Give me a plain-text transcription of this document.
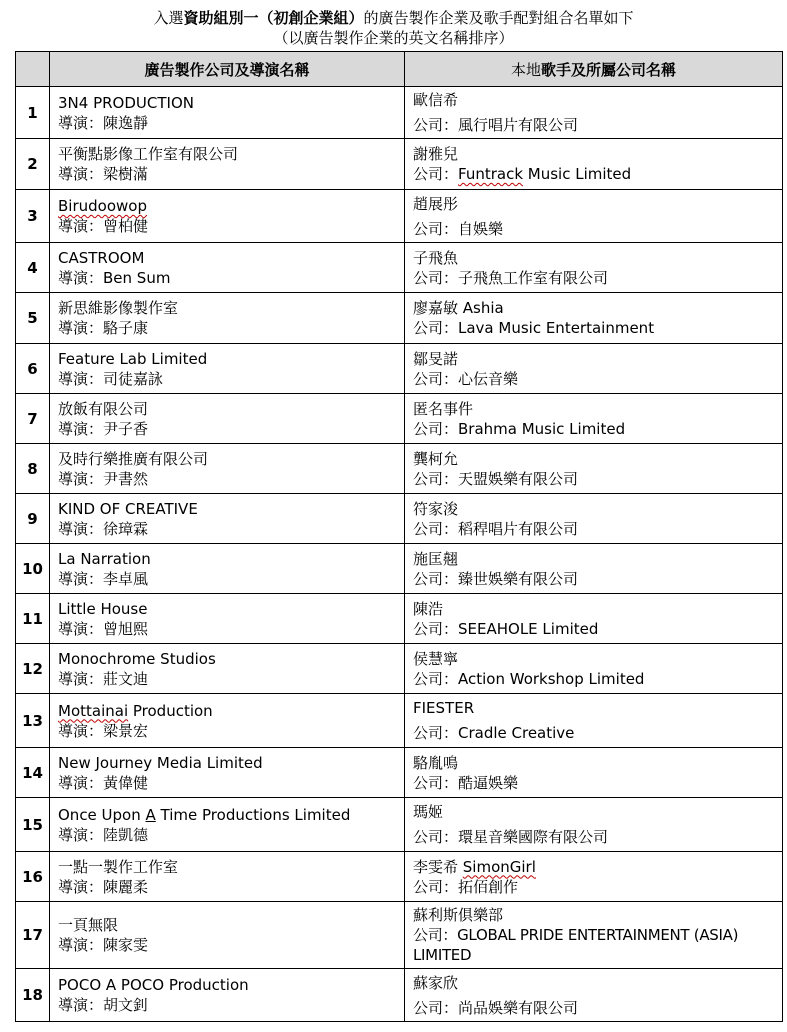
入選資助組別一（初創企業組）的廣告製作企業及歌手配對組合名單如下
（以廣告製作企業的英文名稱排序）
	廣告製作公司及導演名稱	本地歌手及所屬公司名稱
1	3N4 PRODUCTION
導演：陳逸靜	歐信希
公司：風行唱片有限公司

2	平衡點影像工作室有限公司
導演：梁樹滿	謝雅兒
公司：Funtrack Music Limited

3	Birudoowop
導演：曾柏健	趙展彤
公司：自娛樂

4	CASTROOM
導演：Ben Sum	子飛魚
公司：子飛魚工作室有限公司

5	新思維影像製作室
導演：駱子康	廖嘉敏 Ashia
公司：Lava Music Entertainment

6	Feature Lab Limited
導演：司徒嘉詠	鄒旻諾
公司：心伝音樂

7	放飯有限公司
導演：尹子香	匿名事件
公司：Brahma Music Limited

8	及時行樂推廣有限公司
導演：尹書然	龔柯允
公司：天盟娛樂有限公司

9	KIND OF CREATIVE
導演：徐璋霖	符家浚
公司：稻稈唱片有限公司

10	La Narration
導演：李卓風	施匡翹
公司：臻世娛樂有限公司

11	Little House
導演：曾旭熙	陳浩
公司：SEEAHOLE Limited

12	Monochrome Studios
導演：莊文迪	侯慧寧
公司：Action Workshop Limited

13	Mottainai Production
導演：梁景宏	FIESTER
公司：Cradle Creative

14	New Journey Media Limited
導演：黃偉健	駱胤鳴
公司：酷逼娛樂

15	Once Upon A Time Productions Limited
導演：陸凱德	瑪姬
公司：環星音樂國際有限公司

16	一點一製作工作室
導演：陳麗柔	李雯希 SimonGirl
公司：拓佰創作

17	一頁無限
導演：陳家雯	蘇利斯俱樂部
公司：GLOBAL PRIDE ENTERTAINMENT (ASIA) LIMITED

18	POCO A POCO Production
導演：胡文釗	蘇家欣
公司：尚品娛樂有限公司
